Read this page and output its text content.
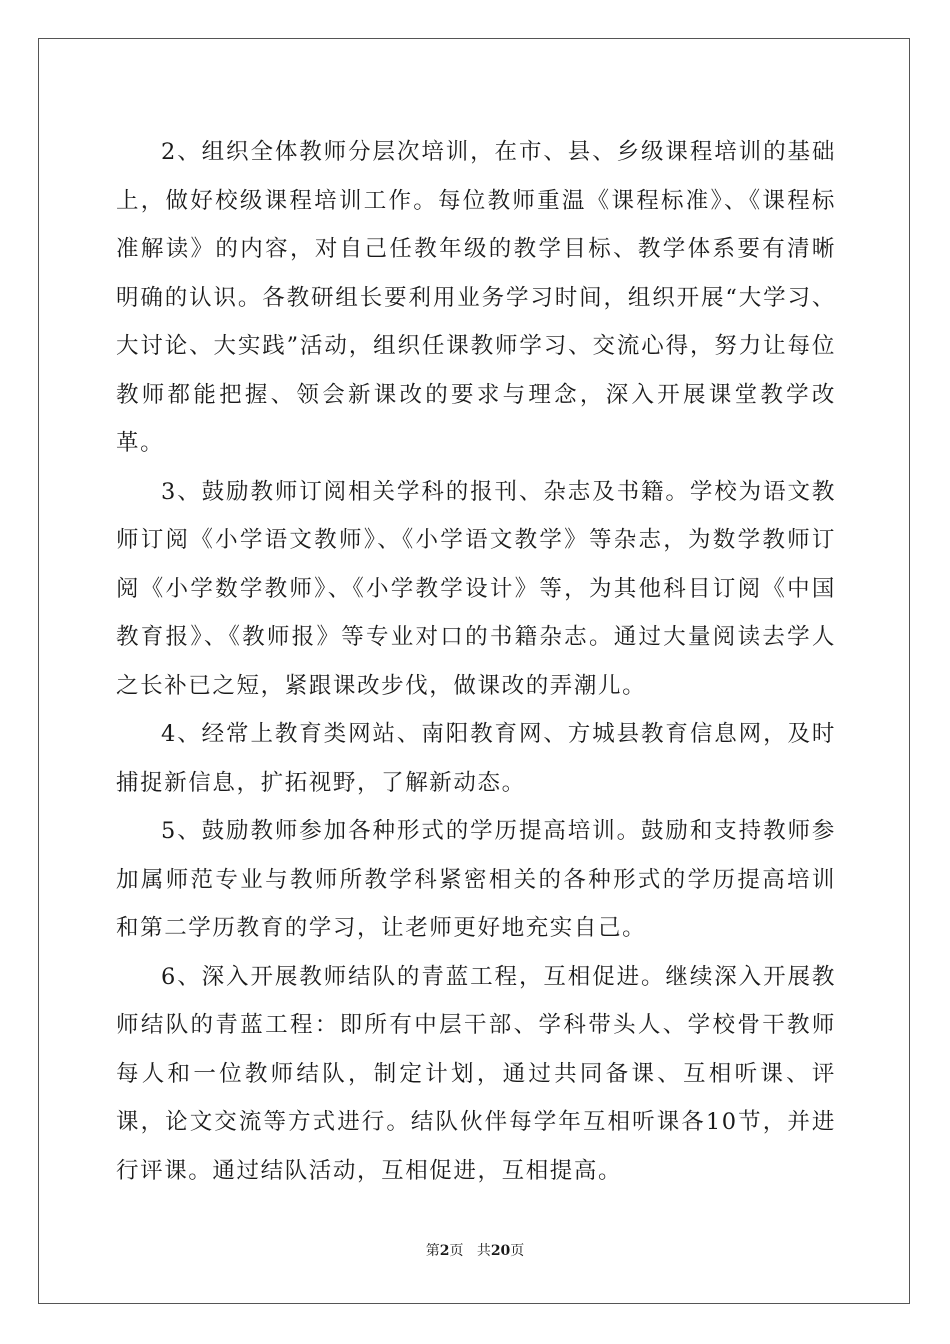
2、组织全体教师分层次培训，在市、县、乡级课程培训的基础上，做好校级课程培训工作。每位教师重温《课程标准》、《课程标准解读》的内容，对自己任教年级的教学目标、教学体系要有清晰明确的认识。各教研组长要利用业务学习时间，组织开展“大学习、大讨论、大实践”活动，组织任课教师学习、交流心得，努力让每位教师都能把握、领会新课改的要求与理念，深入开展课堂教学改革。

3、鼓励教师订阅相关学科的报刊、杂志及书籍。学校为语文教师订阅《小学语文教师》、《小学语文教学》等杂志，为数学教师订阅《小学数学教师》、《小学教学设计》等，为其他科目订阅《中国教育报》、《教师报》等专业对口的书籍杂志。通过大量阅读去学人之长补已之短，紧跟课改步伐，做课改的弄潮儿。

4、经常上教育类网站、南阳教育网、方城县教育信息网，及时捕捉新信息，扩拓视野，了解新动态。

5、鼓励教师参加各种形式的学历提高培训。鼓励和支持教师参加属师范专业与教师所教学科紧密相关的各种形式的学历提高培训和第二学历教育的学习，让老师更好地充实自己。

6、深入开展教师结队的青蓝工程，互相促进。继续深入开展教师结队的青蓝工程：即所有中层干部、学科带头人、学校骨干教师每人和一位教师结队，制定计划，通过共同备课、互相听课、评课，论文交流等方式进行。结队伙伴每学年互相听课各10节，并进行评课。通过结队活动，互相促进，互相提高。

第2页 共20页
